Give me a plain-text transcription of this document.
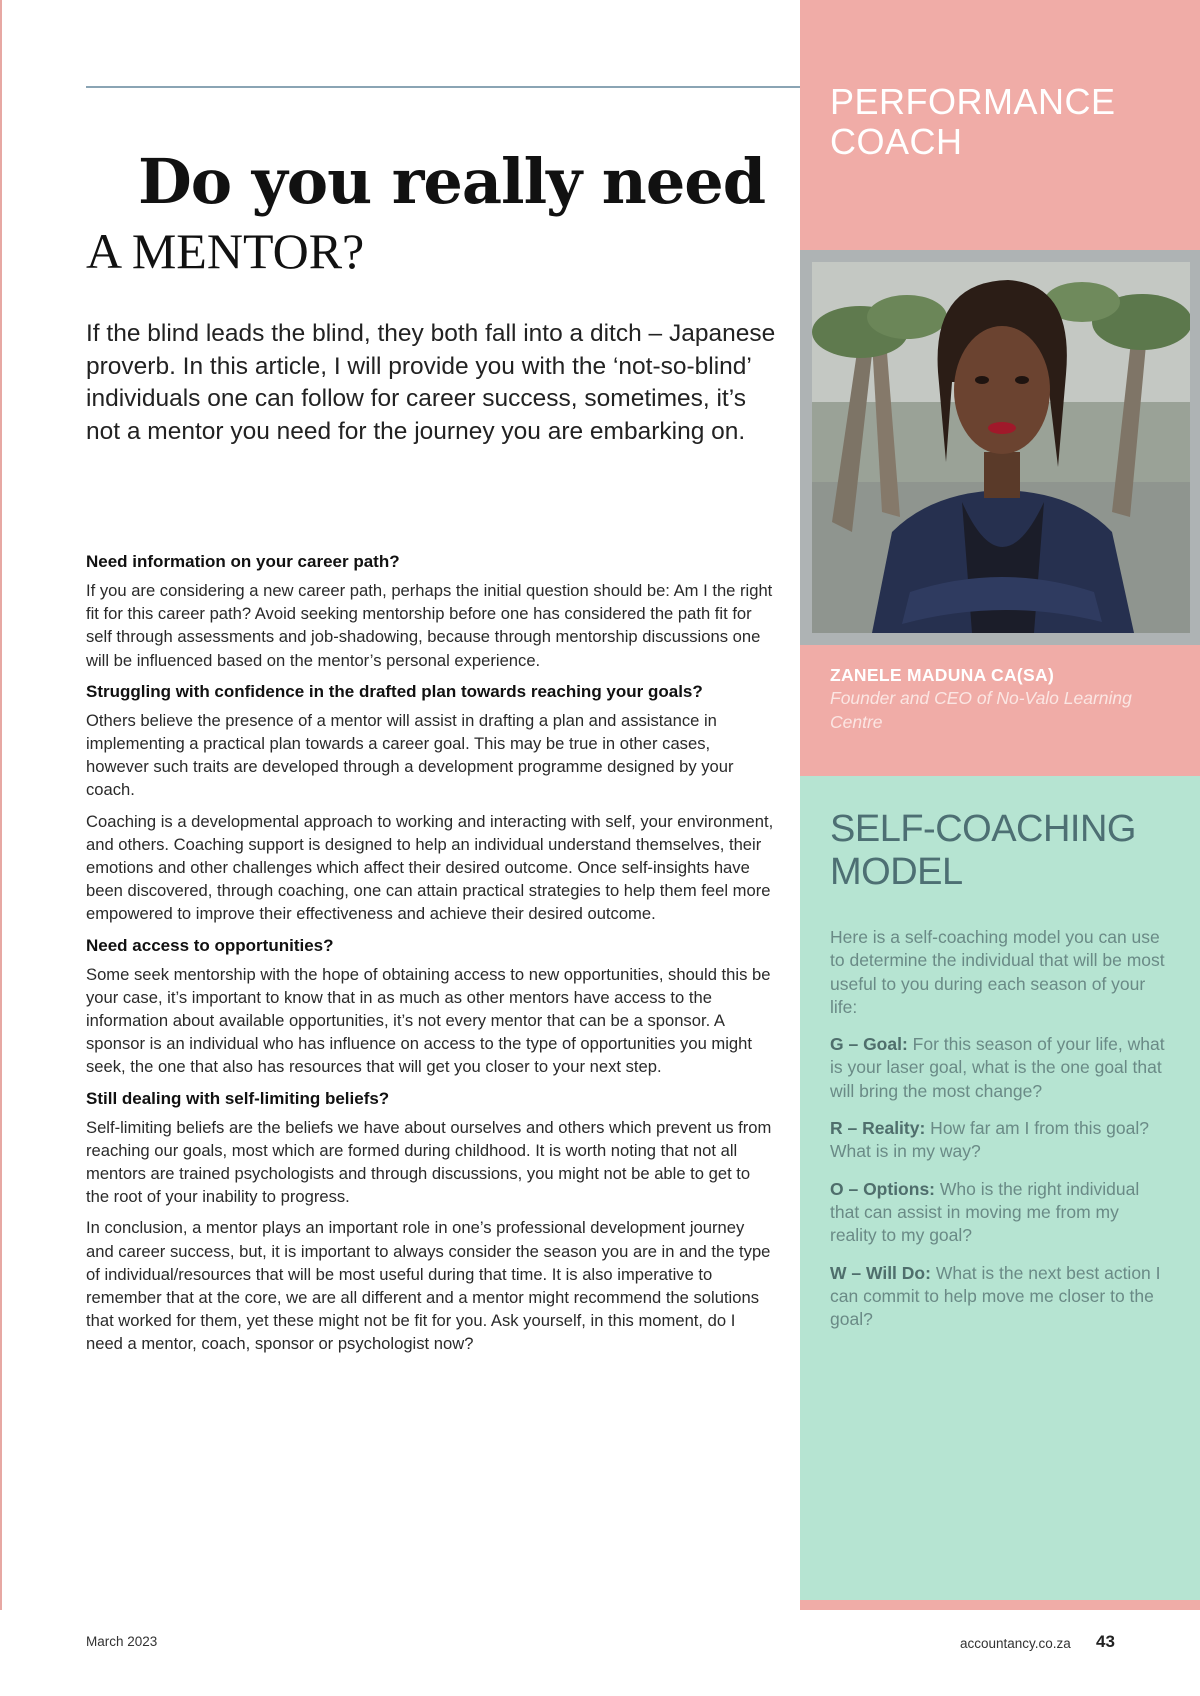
Do you really need
A MENTOR?

If the blind leads the blind, they both fall into a ditch – Japanese proverb. In this article, I will provide you with the ‘not-so-blind’ individuals one can follow for career success, sometimes, it’s not a mentor you need for the journey you are embarking on.

Need information on your career path?

If you are considering a new career path, perhaps the initial question should be: Am I the right fit for this career path? Avoid seeking mentorship before one has considered the path fit for self through assessments and job-shadowing, because through mentorship discussions one will be influenced based on the mentor’s personal experience.

Struggling with confidence in the drafted plan towards reaching your goals?

Others believe the presence of a mentor will assist in drafting a plan and assistance in implementing a practical plan towards a career goal. This may be true in other cases, however such traits are developed through a development programme designed by your coach.

Coaching is a developmental approach to working and interacting with self, your environment, and others. Coaching support is designed to help an individual understand themselves, their emotions and other challenges which affect their desired outcome. Once self-insights have been discovered, through coaching, one can attain practical strategies to help them feel more empowered to improve their effectiveness and achieve their desired outcome.

Need access to opportunities?

Some seek mentorship with the hope of obtaining access to new opportunities, should this be your case, it’s important to know that in as much as other mentors have access to the information about available opportunities, it’s not every mentor that can be a sponsor. A sponsor is an individual who has influence on access to the type of opportunities you might seek, the one that also has resources that will get you closer to your next step.

Still dealing with self-limiting beliefs?

Self-limiting beliefs are the beliefs we have about ourselves and others which prevent us from reaching our goals, most which are formed during childhood. It is worth noting that not all mentors are trained psychologists and through discussions, you might not be able to get to the root of your inability to progress.

In conclusion, a mentor plays an important role in one’s professional development journey and career success, but, it is important to always consider the season you are in and the type of individual/resources that will be most useful during that time. It is also imperative to remember that at the core, we are all different and a mentor might recommend the solutions that worked for them, yet these might not be fit for you. Ask yourself, in this moment, do I need a mentor, coach, sponsor or psychologist now?

PERFORMANCE
COACH

ZANELE MADUNA CA(SA)

Founder and CEO of No-Valo Learning Centre

SELF-COACHING
MODEL

Here is a self-coaching model you can use to determine the individual that will be most useful to you during each season of your life:

G – Goal: For this season of your life, what is your laser goal, what is the one goal that will bring the most change?

R – Reality: How far am I from this goal? What is in my way?

O – Options: Who is the right individual that can assist in moving me from my reality to my goal?

W – Will Do: What is the next best action I can commit to help move me closer to the goal?

March 2023	accountancy.co.za 43
